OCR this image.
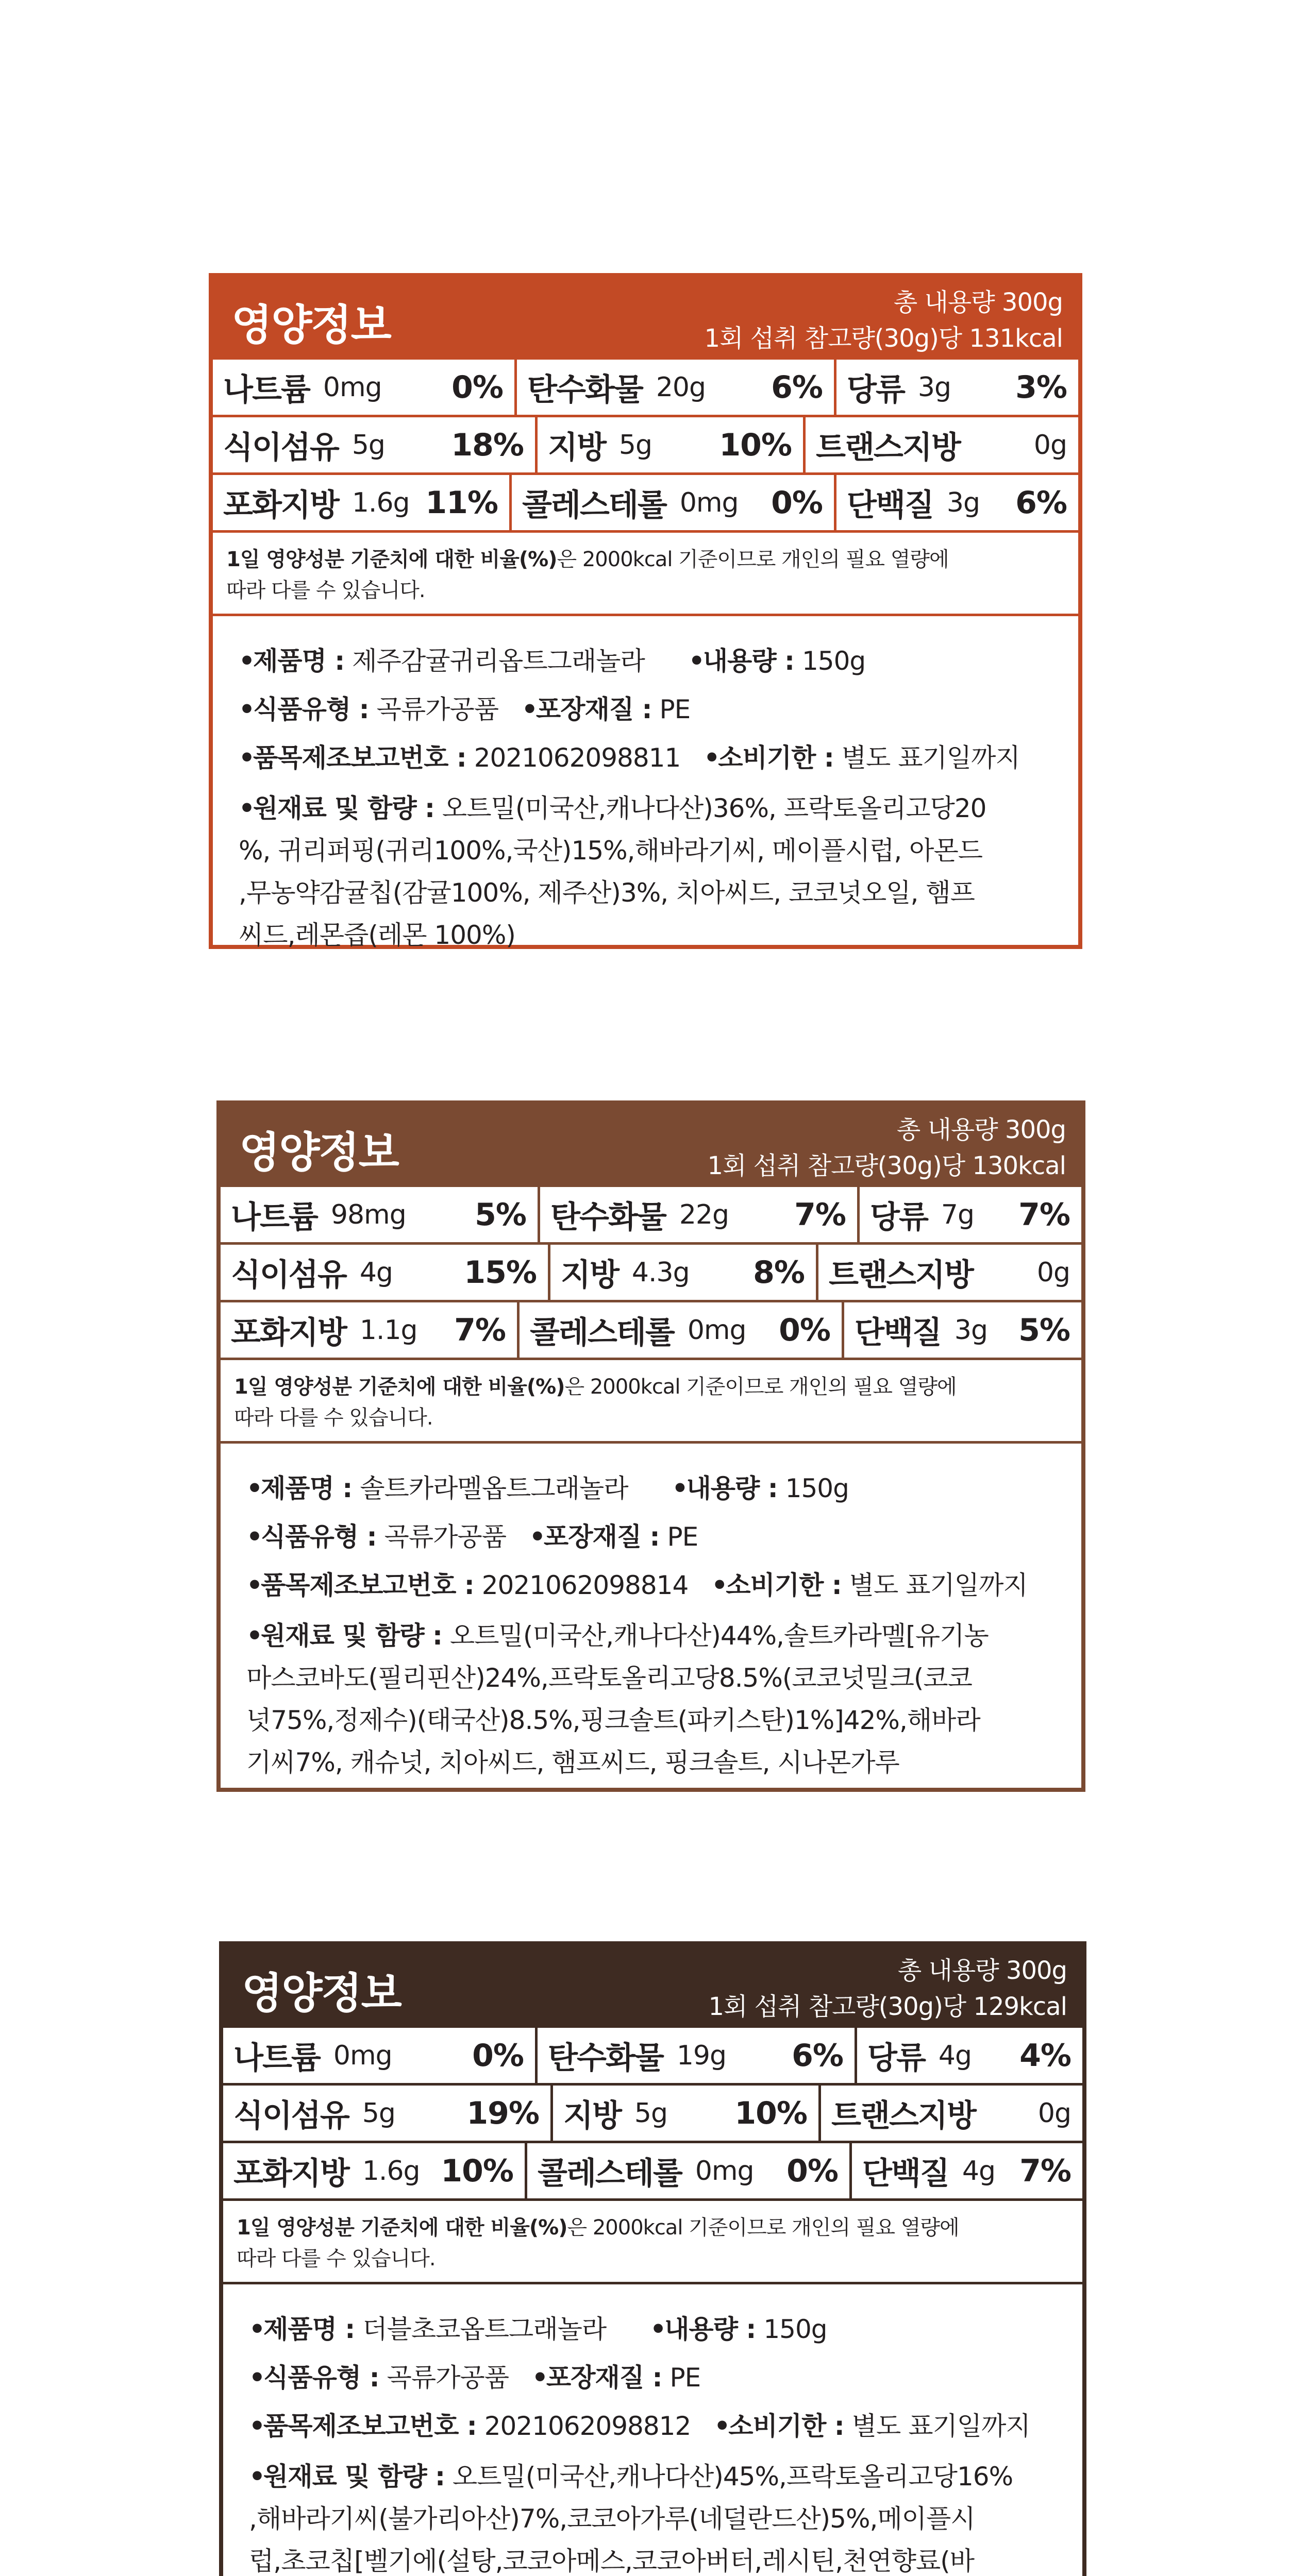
영양정보	총 내용량 300g
1회 섭취 참고량(30g)당 131kcal
나트륨 0mg 0% 탄수화물 20g 6% 당류 3g 3%
식이섬유 5g 18% 지방 5g 10% 트랜스지방	0g
포화지방 1.6g 11% 콜레스테롤 0mg 0% 단백질 3g 6%
1일 영양성분 기준치에 대한 비율(%)은 2000kcal 기준이므로 개인의 필요 열량에
따라 다를 수 있습니다.
•제품명 : 제주감귤귀리옵트그래놀라 •내용량 : 150g
•식품유형 : 곡류가공품 •포장재질 : PE
•품목제조보고번호 : 2021062098811 •소비기한 : 별도 표기일까지
•원재료 및 함량 : 오트밀(미국산,캐나다산)36%, 프락토올리고당20
%, 귀리퍼핑(귀리100%,국산)15%,해바라기씨, 메이플시럽, 아몬드
,무농약감귤칩(감귤100%, 제주산)3%, 치아씨드, 코코넛오일, 햄프
씨드,레몬즙(레몬 100%)
영양정보	총 내용량 300g
1회 섭취 참고량(30g)당 130kcal
나트륨 98mg 5% 탄수화물 22g 7% 당류 7g 7%
식이섬유 4g 15% 지방 4.3g 8% 트랜스지방 0g
포화지방 1.1g 7% 콜레스테롤 0mg 0% 단백질 3g 5%
1일 영양성분 기준치에 대한 비율(%)은 2000kcal 기준이므로 개인의 필요 열량에
따라 다를 수 있습니다.
•제품명 : 솔트카라멜옵트그래놀라 •내용량 : 150g
•식품유형 : 곡류가공품 •포장재질 : PE
•품목제조보고번호 : 2021062098814 •소비기한 : 별도 표기일까지
•원재료 및 함량 : 오트밀(미국산,캐나다산)44%,솔트카라멜[유기농
마스코바도(필리핀산)24%,프락토올리고당8.5%(코코넛밀크(코코
넛75%,정제수)(태국산)8.5%,핑크솔트(파키스탄)1%]42%,해바라
기씨7%, 캐슈넛, 치아씨드, 햄프씨드, 핑크솔트, 시나몬가루
영양정보	총 내용량 300g
1회 섭취 참고량(30g)당 129kcal
나트륨 0mg	0% 탄수화물 19g 6% 당류 4g 4%
식이섬유 5g 19% 지방 5g 10% 트랜스지방 0g
포화지방 1.6g 10% 콜레스테롤 0mg 0% 단백질 4g 7%
1일 영양성분 기준치에 대한 비율(%)은 2000kcal 기준이므로 개인의 필요 열량에
따라 다를 수 있습니다.
•제품명 : 더블초코옵트그래놀라 •내용량 : 150g
•식품유형 : 곡류가공품 •포장재질 : PE
•품목제조보고번호 : 2021062098812 •소비기한 : 별도 표기일까지
•원재료 및 함량 : 오트밀(미국산,캐나다산)45%,프락토올리고당16%
,해바라기씨(불가리아산)7%,코코아가루(네덜란드산)5%,메이플시
럽,초코칩[벨기에(설탕,코코아메스,코코아버터,레시틴,천연향료(바
